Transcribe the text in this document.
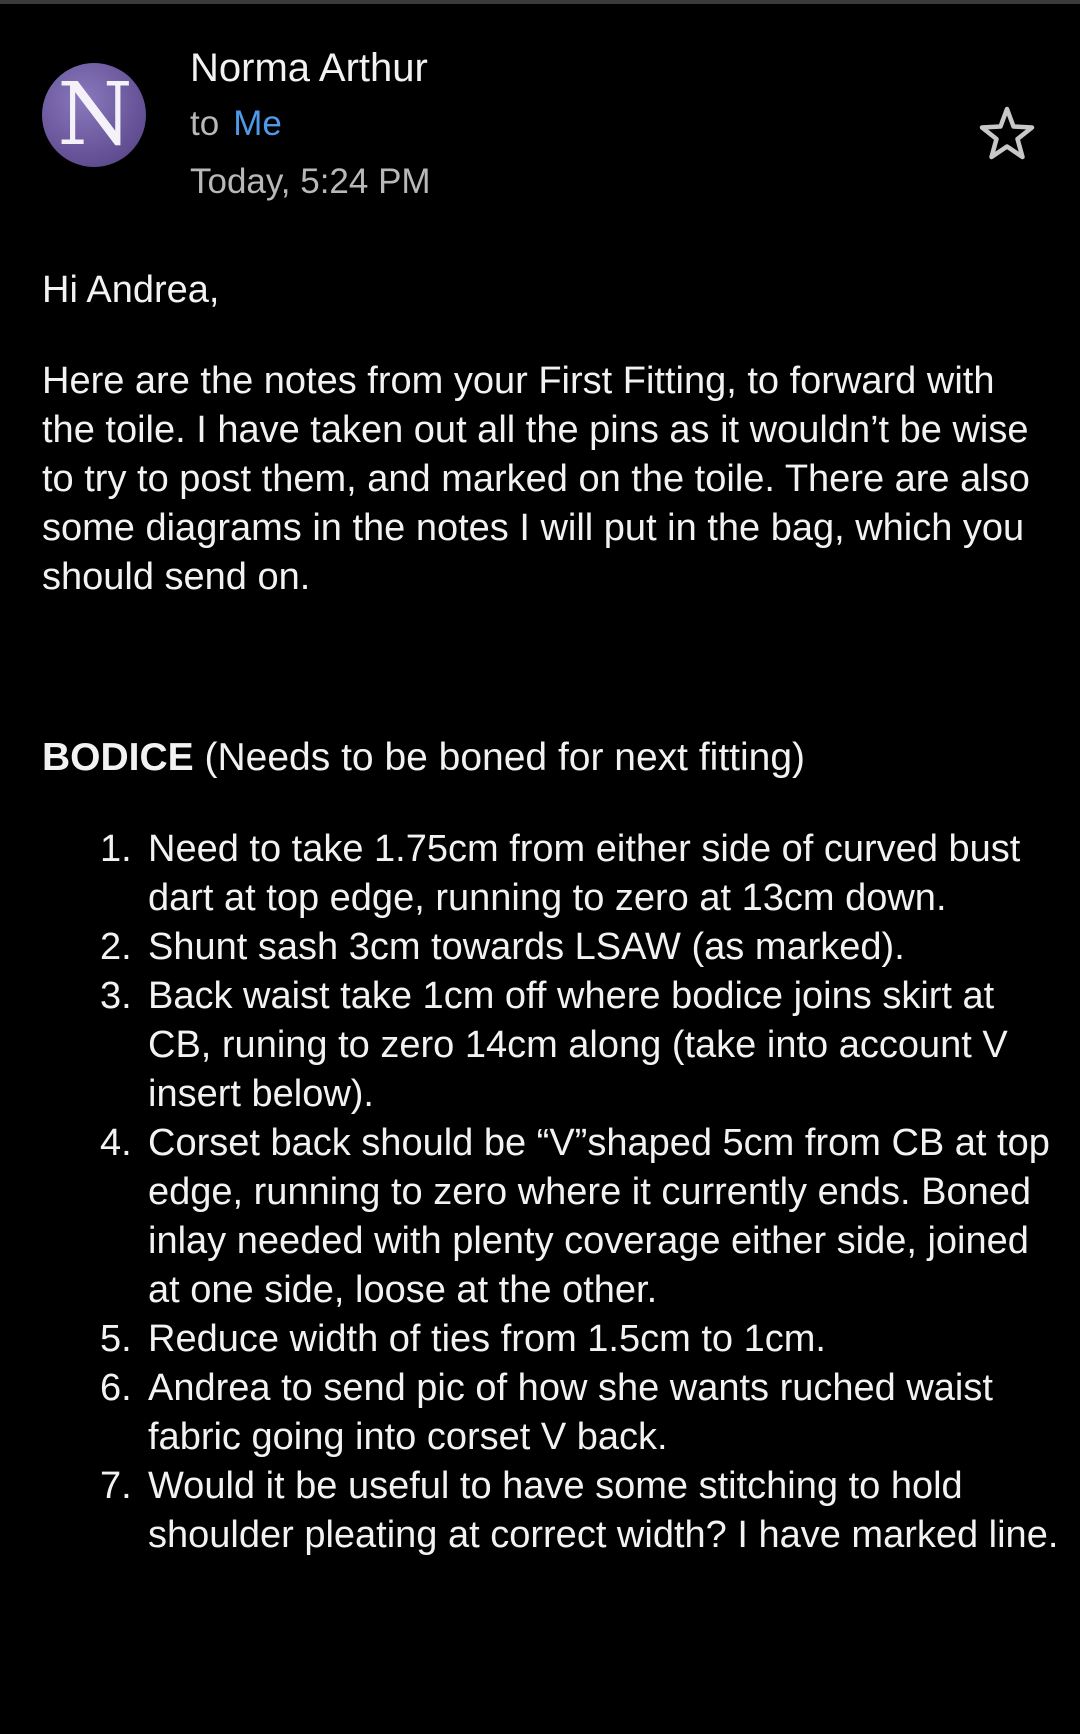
N	Norma Arthur
to Me
Today, 5:24 PM
Hi Andrea,
Here are the notes from your First Fitting, to forward with the toile. I have taken out all the pins as it wouldn’t be wise to try to post them, and marked on the toile. There are also some diagrams in the notes I will put in the bag, which you should send on.
BODICE (Needs to be boned for next fitting)
1. Need to take 1.75cm from either side of curved bust dart at top edge, running to zero at 13cm down.
2. Shunt sash 3cm towards LSAW (as marked).
3. Back waist take 1cm off where bodice joins skirt at CB, runing to zero 14cm along (take into account V insert below).
4. Corset back should be “V”shaped 5cm from CB at top edge, running to zero where it currently ends. Boned inlay needed with plenty coverage either side, joined at one side, loose at the other.
5. Reduce width of ties from 1.5cm to 1cm.
6. Andrea to send pic of how she wants ruched waist fabric going into corset V back.
7. Would it be useful to have some stitching to hold shoulder pleating at correct width? I have marked line.
